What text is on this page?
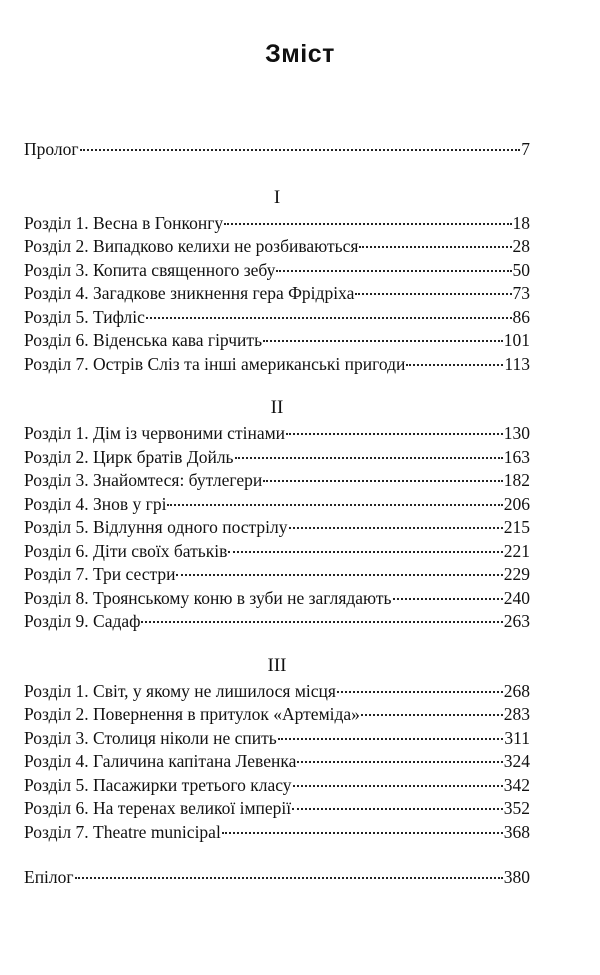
Зміст
Пролог	7
I
Розділ 1. Весна в Гонконгу	18
Розділ 2. Випадково келихи не розбиваються	28
Розділ 3. Копита священного зебу	50
Розділ 4. Загадкове зникнення гера Фрідріха	73
Розділ 5. Тифліс	86
Розділ 6. Віденська кава гірчить	101
Розділ 7. Острів Сліз та інші американські пригоди	113
II
Розділ 1. Дім із червоними стінами	130
Розділ 2. Цирк братів Дойль	163
Розділ 3. Знайомтеся: бутлегери	182
Розділ 4. Знов у грі	206
Розділ 5. Відлуння одного пострілу	215
Розділ 6. Діти своїх батьків	221
Розділ 7. Три сестри	229
Розділ 8. Троянському коню в зуби не заглядають	240
Розділ 9. Садаф	263
III
Розділ 1. Світ, у якому не лишилося місця	268
Розділ 2. Повернення в притулок «Артеміда»	283
Розділ 3. Столиця ніколи не спить	311
Розділ 4. Галичина капітана Левенка	324
Розділ 5. Пасажирки третього класу	342
Розділ 6. На теренах великої імперії	352
Розділ 7. Theatre municipal	368
Епілог	380
